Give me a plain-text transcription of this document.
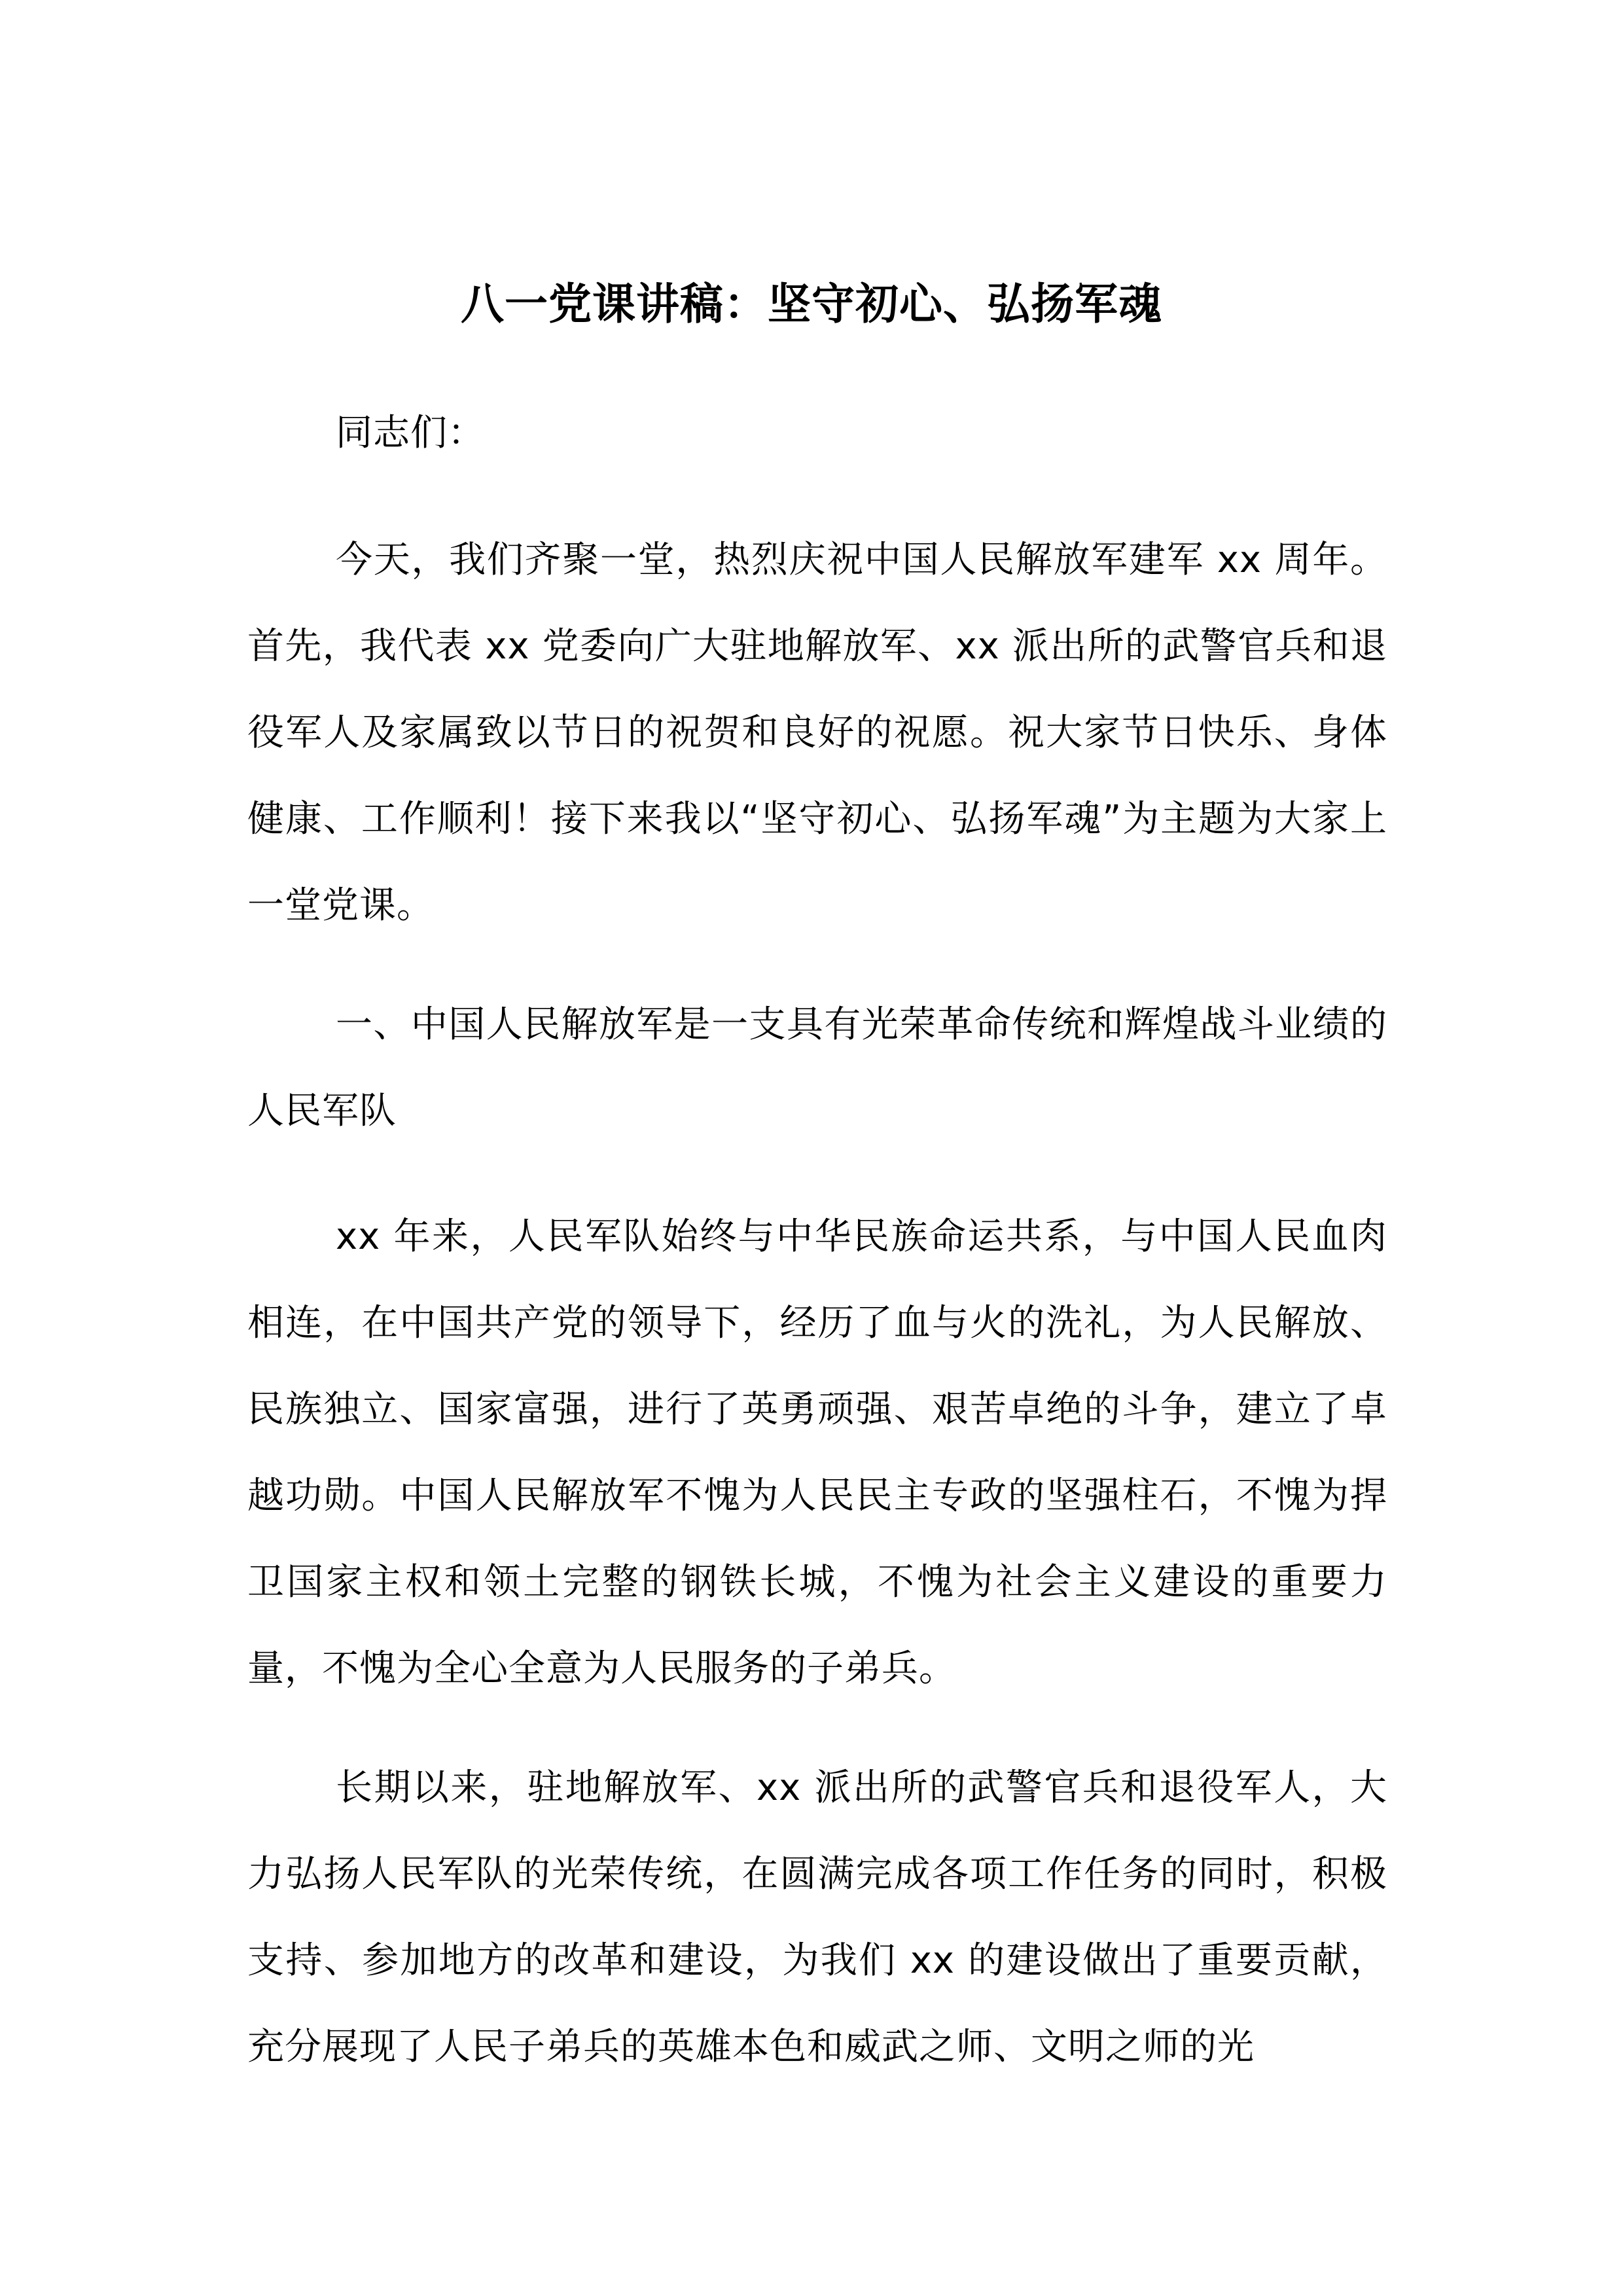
八一党课讲稿：坚守初心、弘扬军魂

同志们：

今天，我们齐聚一堂，热烈庆祝中国人民解放军建军 xx 周年。首先，我代表 xx 党委向广大驻地解放军、xx 派出所的武警官兵和退役军人及家属致以节日的祝贺和良好的祝愿。祝大家节日快乐、身体健康、工作顺利！接下来我以“坚守初心、弘扬军魂”为主题为大家上一堂党课。

一、中国人民解放军是一支具有光荣革命传统和辉煌战斗业绩的人民军队

xx 年来，人民军队始终与中华民族命运共系，与中国人民血肉相连，在中国共产党的领导下，经历了血与火的洗礼，为人民解放、民族独立、国家富强，进行了英勇顽强、艰苦卓绝的斗争，建立了卓越功勋。中国人民解放军不愧为人民民主专政的坚强柱石，不愧为捍卫国家主权和领土完整的钢铁长城，不愧为社会主义建设的重要力量，不愧为全心全意为人民服务的子弟兵。

长期以来，驻地解放军、xx 派出所的武警官兵和退役军人，大力弘扬人民军队的光荣传统，在圆满完成各项工作任务的同时，积极支持、参加地方的改革和建设，为我们 xx 的建设做出了重要贡献，充分展现了人民子弟兵的英雄本色和威武之师、文明之师的光
